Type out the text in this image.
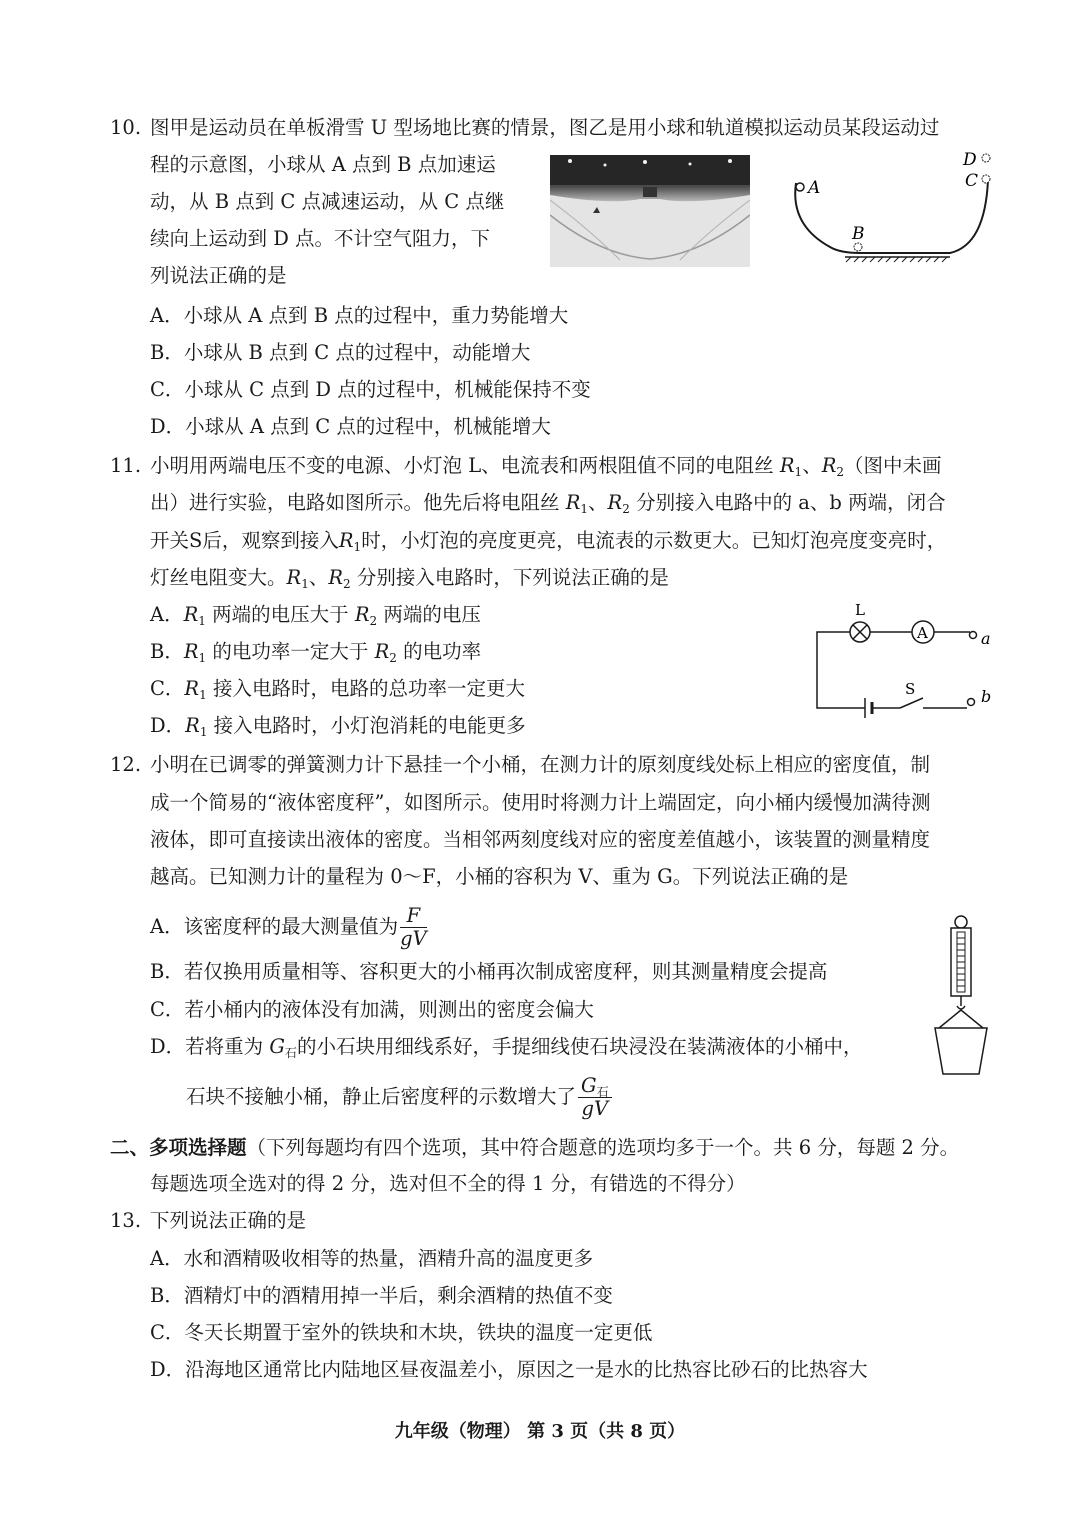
10. 图甲是运动员在单板滑雪 U 型场地比赛的情景，图乙是用小球和轨道模拟运动员某段运动过
程的示意图，小球从 A 点到 B 点加速运
动，从 B 点到 C 点减速运动，从 C 点继
续向上运动到 D 点。不计空气阻力，下
列说法正确的是
A
B
C
D
A．小球从 A 点到 B 点的过程中，重力势能增大
B．小球从 B 点到 C 点的过程中，动能增大
C．小球从 C 点到 D 点的过程中，机械能保持不变
D．小球从 A 点到 C 点的过程中，机械能增大
11. 小明用两端电压不变的电源、小灯泡 L、电流表和两根阻值不同的电阻丝 $R_1$、$R_2$（图中未画
出）进行实验，电路如图所示。他先后将电阻丝 $R_1$、$R_2$ 分别接入电路中的 a、b 两端，闭合
开关S后，观察到接入$R_1$时，小灯泡的亮度更亮，电流表的示数更大。已知灯泡亮度变亮时，
灯丝电阻变大。$R_1$、$R_2$ 分别接入电路时，下列说法正确的是
A．$R_1$ 两端的电压大于 $R_2$ 两端的电压
B．$R_1$ 的电功率一定大于 $R_2$ 的电功率
C．$R_1$ 接入电路时，电路的总功率一定更大
D．$R_1$ 接入电路时，小灯泡消耗的电能更多
A
L
S
a
b
12. 小明在已调零的弹簧测力计下悬挂一个小桶，在测力计的原刻度线处标上相应的密度值，制
成一个简易的“液体密度秤”，如图所示。使用时将测力计上端固定，向小桶内缓慢加满待测
液体，即可直接读出液体的密度。当相邻两刻度线对应的密度差值越小，该装置的测量精度
越高。已知测力计的量程为 0～F，小桶的容积为 V、重为 G。下列说法正确的是
A．该密度秤的最大测量值为 $\frac{F}{gV}$
B．若仅换用质量相等、容积更大的小桶再次制成密度秤，则其测量精度会提高
C．若小桶内的液体没有加满，则测出的密度会偏大
D．若将重为 $G_石$的小石块用细线系好，手提细线使石块浸没在装满液体的小桶中，
石块不接触小桶，静止后密度秤的示数增大了 $\frac{G_石}{gV}$
二、多项选择题（下列每题均有四个选项，其中符合题意的选项均多于一个。共 6 分，每题 2 分。
每题选项全选对的得 2 分，选对但不全的得 1 分，有错选的不得分）
13. 下列说法正确的是
A．水和酒精吸收相等的热量，酒精升高的温度更多
B．酒精灯中的酒精用掉一半后，剩余酒精的热值不变
C．冬天长期置于室外的铁块和木块，铁块的温度一定更低
D．沿海地区通常比内陆地区昼夜温差小，原因之一是水的比热容比砂石的比热容大
九年级（物理） 第 3 页（共 8 页）
